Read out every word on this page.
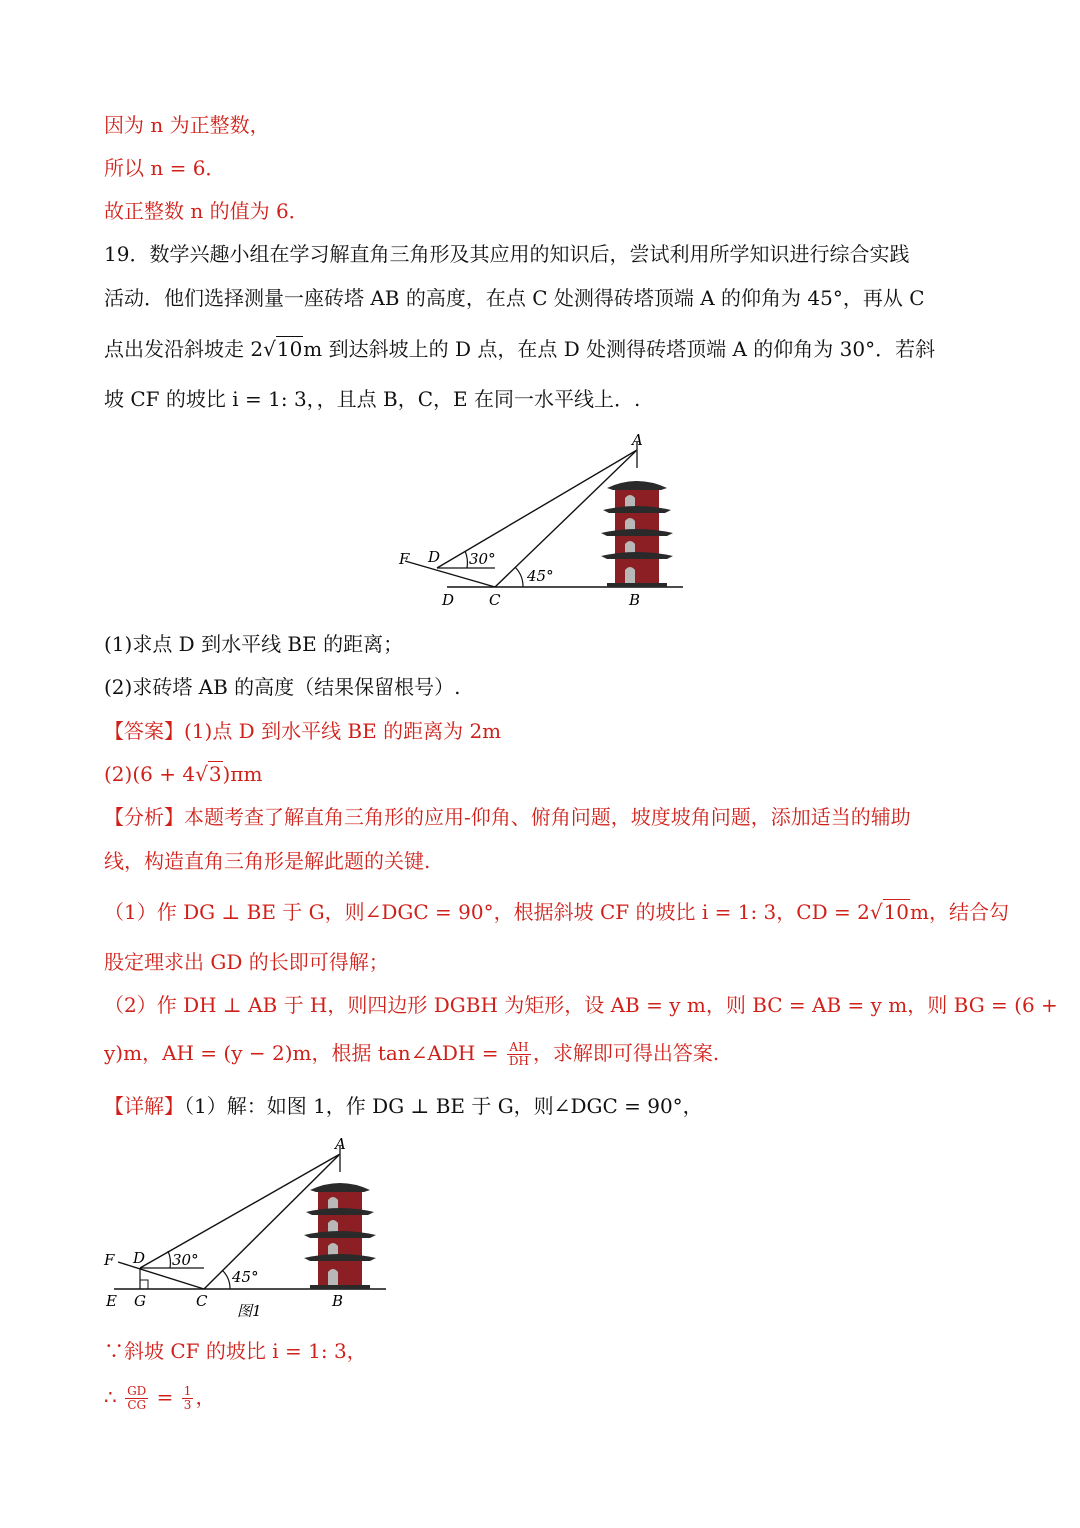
因为 n 为正整数，
所以 n = 6．
故正整数 n 的值为 6．
19．数学兴趣小组在学习解直角三角形及其应用的知识后，尝试利用所学知识进行综合实践
活动．他们选择测量一座砖塔 AB 的高度，在点 C 处测得砖塔顶端 A 的仰角为 45°，再从 C
点出发沿斜坡走 2√10m 到达斜坡上的 D 点，在点 D 处测得砖塔顶端 A 的仰角为 30°．若斜
坡 CF 的坡比 i = 1: 3，，且点 B，C，E 在同一水平线上．.
A
F D 30°
45°
D C	B
(1)求点 D 到水平线 BE 的距离；
(2)求砖塔 AB 的高度（结果保留根号）.
【答案】(1)点 D 到水平线 BE 的距离为 2m
(2)(6 + 4√3)πm
【分析】本题考查了解直角三角形的应用-仰角、俯角问题，坡度坡角问题，添加适当的辅助
线，构造直角三角形是解此题的关键.
（1）作 DG ⊥ BE 于 G，则∠DGC = 90°，根据斜坡 CF 的坡比 i = 1: 3，CD = 2√10m，结合勾
股定理求出 GD 的长即可得解；
（2）作 DH ⊥ AB 于 H，则四边形 DGBH 为矩形，设 AB = y m，则 BC = AB = y m，则 BG = (6 +
y)m，AH = (y − 2)m，根据 tan∠ADH = $\frac{AH}{DH}$ ，求解即可得出答案.
【详解】（1）解：如图 1，作 DG ⊥ BE 于 G，则∠DGC = 90°，
A
F D 30°
45°
E G	C	B
图1
∵斜坡 CF 的坡比 i = 1: 3，
∴ $\frac{GD}{CG} = \frac{1}{3}$ ，
